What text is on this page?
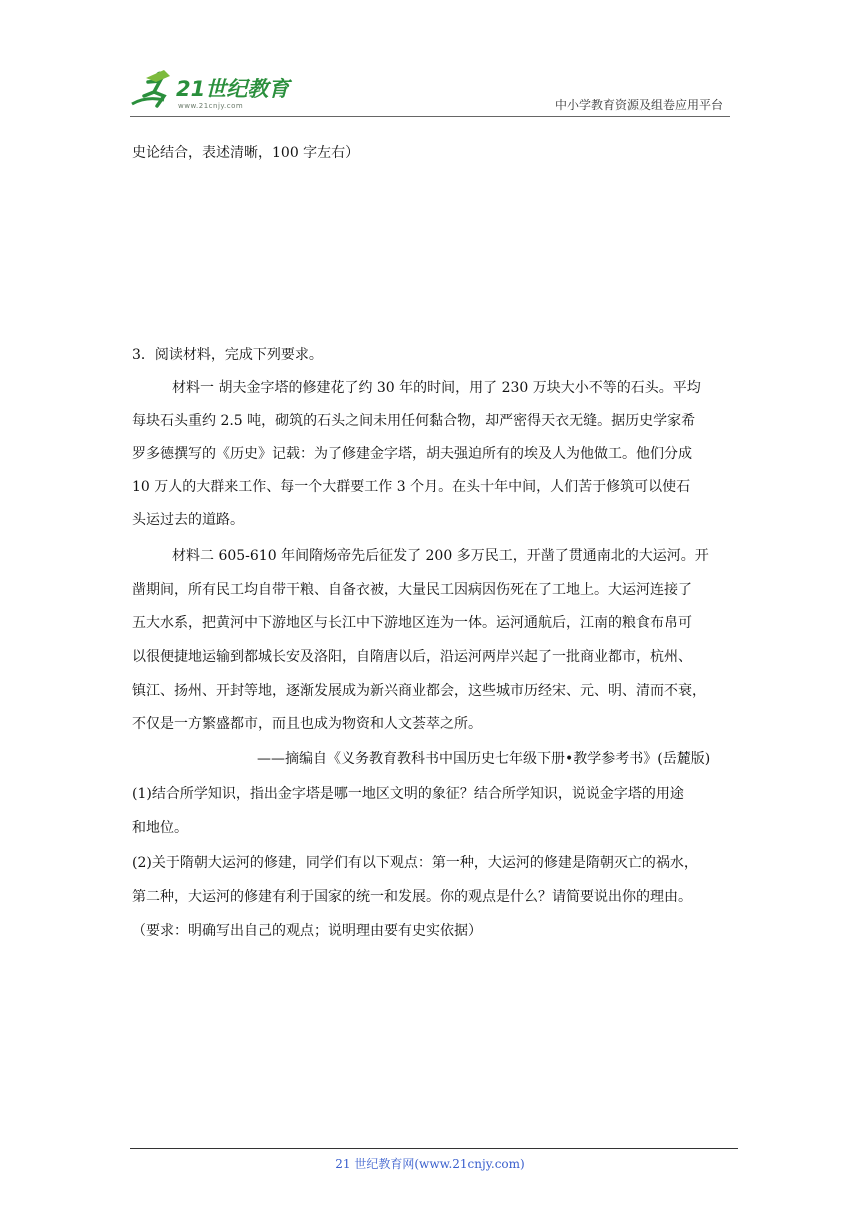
21世纪教育
www.21cnjy.com	中小学教育资源及组卷应用平台
史论结合，表述清晰，100 字左右）
3．阅读材料，完成下列要求。
材料一 胡夫金字塔的修建花了约 30 年的时间，用了 230 万块大小不等的石头。平均
每块石头重约 2.5 吨，砌筑的石头之间未用任何黏合物，却严密得天衣无缝。据历史学家希
罗多德撰写的《历史》记载：为了修建金字塔，胡夫强迫所有的埃及人为他做工。他们分成
10 万人的大群来工作、每一个大群要工作 3 个月。在头十年中间，人们苦于修筑可以使石
头运过去的道路。
材料二 605-610 年间隋炀帝先后征发了 200 多万民工，开凿了贯通南北的大运河。开
凿期间，所有民工均自带干粮、自备衣被，大量民工因病因伤死在了工地上。大运河连接了
五大水系，把黄河中下游地区与长江中下游地区连为一体。运河通航后，江南的粮食布帛可
以很便捷地运输到都城长安及洛阳，自隋唐以后，沿运河两岸兴起了一批商业都市，杭州、
镇江、扬州、开封等地，逐渐发展成为新兴商业都会，这些城市历经宋、元、明、清而不衰，
不仅是一方繁盛都市，而且也成为物资和人文荟萃之所。
——摘编自《义务教育教科书中国历史七年级下册•教学参考书》(岳麓版)
(1)结合所学知识，指出金字塔是哪一地区文明的象征？结合所学知识，说说金字塔的用途
和地位。
(2)关于隋朝大运河的修建，同学们有以下观点：第一种，大运河的修建是隋朝灭亡的祸水，
第二种，大运河的修建有利于国家的统一和发展。你的观点是什么？请简要说出你的理由。
（要求：明确写出自己的观点；说明理由要有史实依据）
21 世纪教育网(www.21cnjy.com)
